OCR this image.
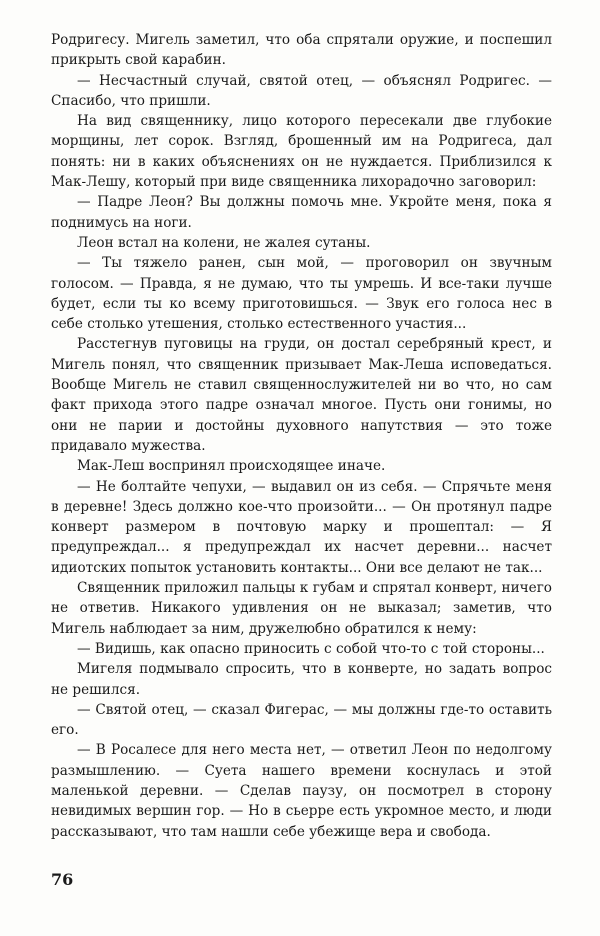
Родригесу. Мигель заметил, что оба спрятали оружие, и поспешил прикрыть свой карабин.

— Несчастный случай, святой отец, — объяснял Родригес. — Спасибо, что пришли.

На вид священнику, лицо которого пересекали две глубокие морщины, лет сорок. Взгляд, брошенный им на Родригеса, дал понять: ни в каких объяснениях он не нуждается. Приблизился к Мак-Лешу, который при виде священника лихорадочно заговорил:

— Падре Леон? Вы должны помочь мне. Укройте меня, пока я поднимусь на ноги.

Леон встал на колени, не жалея сутаны.

— Ты тяжело ранен, сын мой, — проговорил он звучным голосом. — Правда, я не думаю, что ты умрешь. И все-таки лучше будет, если ты ко всему приготовишься. — Звук его голоса нес в себе столько утешения, столько естественного участия...

Расстегнув пуговицы на груди, он достал серебряный крест, и Мигель понял, что священник призывает Мак-Леша исповедаться. Вообще Мигель не ставил священнослужителей ни во что, но сам факт прихода этого падре означал многое. Пусть они гонимы, но они не парии и достойны духовного напутствия — это тоже придавало мужества.

Мак-Леш воспринял происходящее иначе.

— Не болтайте чепухи, — выдавил он из себя. — Спрячьте меня в деревне! Здесь должно кое-что произойти... — Он протянул падре конверт размером в почтовую марку и прошептал: — Я предупреждал... я предупреждал их насчет деревни... насчет идиотских попыток установить контакты... Они все делают не так...

Священник приложил пальцы к губам и спрятал конверт, ничего не ответив. Никакого удивления он не выказал; заметив, что Мигель наблюдает за ним, дружелюбно обратился к нему:

— Видишь, как опасно приносить с собой что-то с той стороны...

Мигеля подмывало спросить, что в конверте, но задать вопрос не решился.

— Святой отец, — сказал Фигерас, — мы должны где-то оставить его.

— В Росалесе для него места нет, — ответил Леон по недолгому размышлению. — Суета нашего времени коснулась и этой маленькой деревни. — Сделав паузу, он посмотрел в сторону невидимых вершин гор. — Но в сьерре есть укромное место, и люди рассказывают, что там нашли себе убежище вера и свобода.

76
